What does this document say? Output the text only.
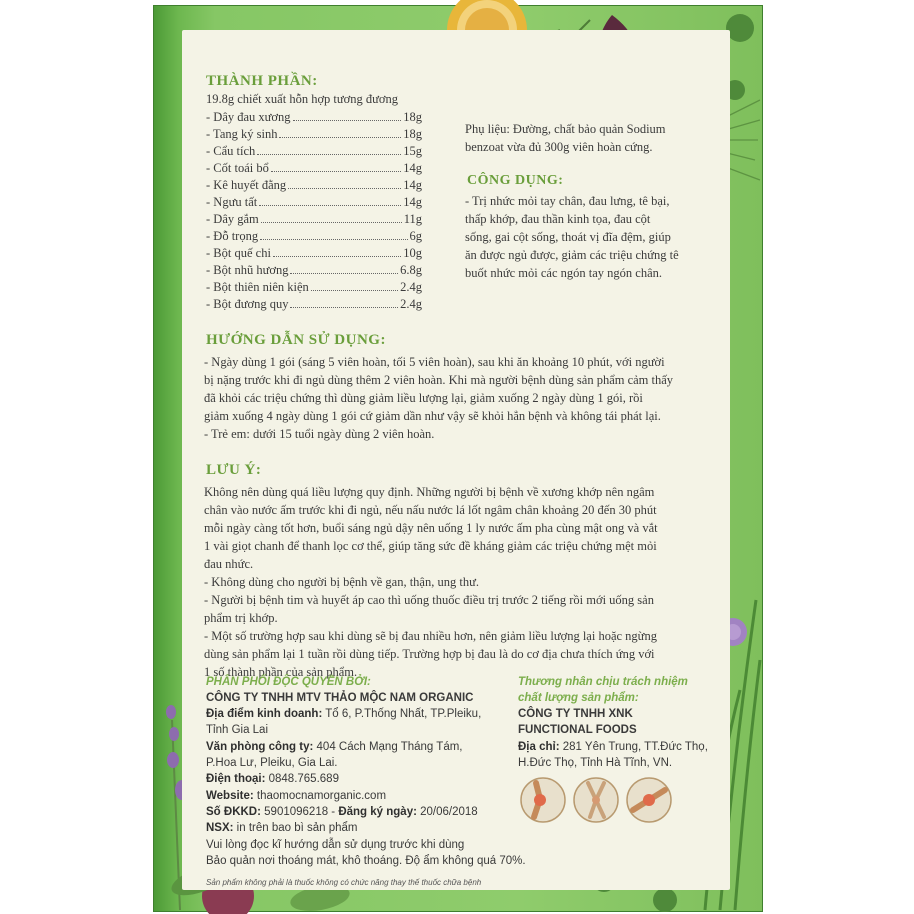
THÀNH PHẦN:
19.8g chiết xuất hỗn hợp tương đương
- Dây đau xương	18g
- Tang ký sinh	18g
- Cẩu tích	15g
- Cốt toái bổ	14g
- Kê huyết đằng	14g
- Ngưu tất	14g
- Dây gắm	11g
- Đỗ trọng	6g
- Bột quế chi	10g
- Bột nhũ hương	6.8g
- Bột thiên niên kiện	2.4g
- Bột đương quy	2.4g
Phụ liệu: Đường, chất bảo quản Sodium
benzoat vừa đủ 300g viên hoàn cứng.
CÔNG DỤNG:
- Trị nhức mỏi tay chân, đau lưng, tê bại,
thấp khớp, đau thần kinh tọa, đau cột
sống, gai cột sống, thoát vị đĩa đệm, giúp
ăn được ngủ được, giảm các triệu chứng tê
buốt nhức mỏi các ngón tay ngón chân.
HƯỚNG DẪN SỬ DỤNG:
- Ngày dùng 1 gói (sáng 5 viên hoàn, tối 5 viên hoàn), sau khi ăn khoảng 10 phút, với người
bị nặng trước khi đi ngủ dùng thêm 2 viên hoàn. Khi mà người bệnh dùng sản phẩm cảm thấy
đã khỏi các triệu chứng thì dùng giảm liều lượng lại, giảm xuống 2 ngày dùng 1 gói, rồi
giảm xuống 4 ngày dùng 1 gói cứ giảm dần như vậy sẽ khỏi hẳn bệnh và không tái phát lại.
- Trẻ em: dưới 15 tuổi ngày dùng 2 viên hoàn.
LƯU Ý:
Không nên dùng quá liều lượng quy định. Những người bị bệnh về xương khớp nên ngâm
chân vào nước ấm trước khi đi ngủ, nếu nấu nước lá lốt ngâm chân khoảng 20 đến 30 phút
mỗi ngày càng tốt hơn, buổi sáng ngủ dậy nên uống 1 ly nước ấm pha cùng mật ong và vắt
1 vài giọt chanh để thanh lọc cơ thể, giúp tăng sức đề kháng giảm các triệu chứng mệt mỏi
đau nhức.
- Không dùng cho người bị bệnh về gan, thận, ung thư.
- Người bị bệnh tim và huyết áp cao thì uống thuốc điều trị trước 2 tiếng rồi mới uống sản
phẩm trị khớp.
- Một số trường hợp sau khi dùng sẽ bị đau nhiều hơn, nên giảm liều lượng lại hoặc ngừng
dùng sản phẩm lại 1 tuần rồi dùng tiếp. Trường hợp bị đau là do cơ địa chưa thích ứng với
1 số thành phần của sản phẩm.
PHÂN PHỐI ĐỘC QUYỀN BỞI:
CÔNG TY TNHH MTV THẢO MỘC NAM ORGANIC
Địa điểm kinh doanh: Tổ 6, P.Thống Nhất, TP.Pleiku,
Tỉnh Gia Lai
Văn phòng công ty: 404 Cách Mạng Tháng Tám,
P.Hoa Lư, Pleiku, Gia Lai.
Điện thoại: 0848.765.689
Website: thaomocnamorganic.com
Số ĐKKD: 5901096218 - Đăng ký ngày: 20/06/2018
NSX: in trên bao bì sản phẩm
Vui lòng đọc kĩ hướng dẫn sử dụng trước khi dùng
Bảo quản nơi thoáng mát, khô thoáng. Độ ẩm không quá 70%.
Thương nhân chịu trách nhiệm
chất lượng sản phẩm:
CÔNG TY TNHH XNK
FUNCTIONAL FOODS
Địa chỉ: 281 Yên Trung, TT.Đức Thọ,
H.Đức Thọ, Tỉnh Hà Tĩnh, VN.
Sản phẩm không phải là thuốc không có chức năng thay thế thuốc chữa bệnh
